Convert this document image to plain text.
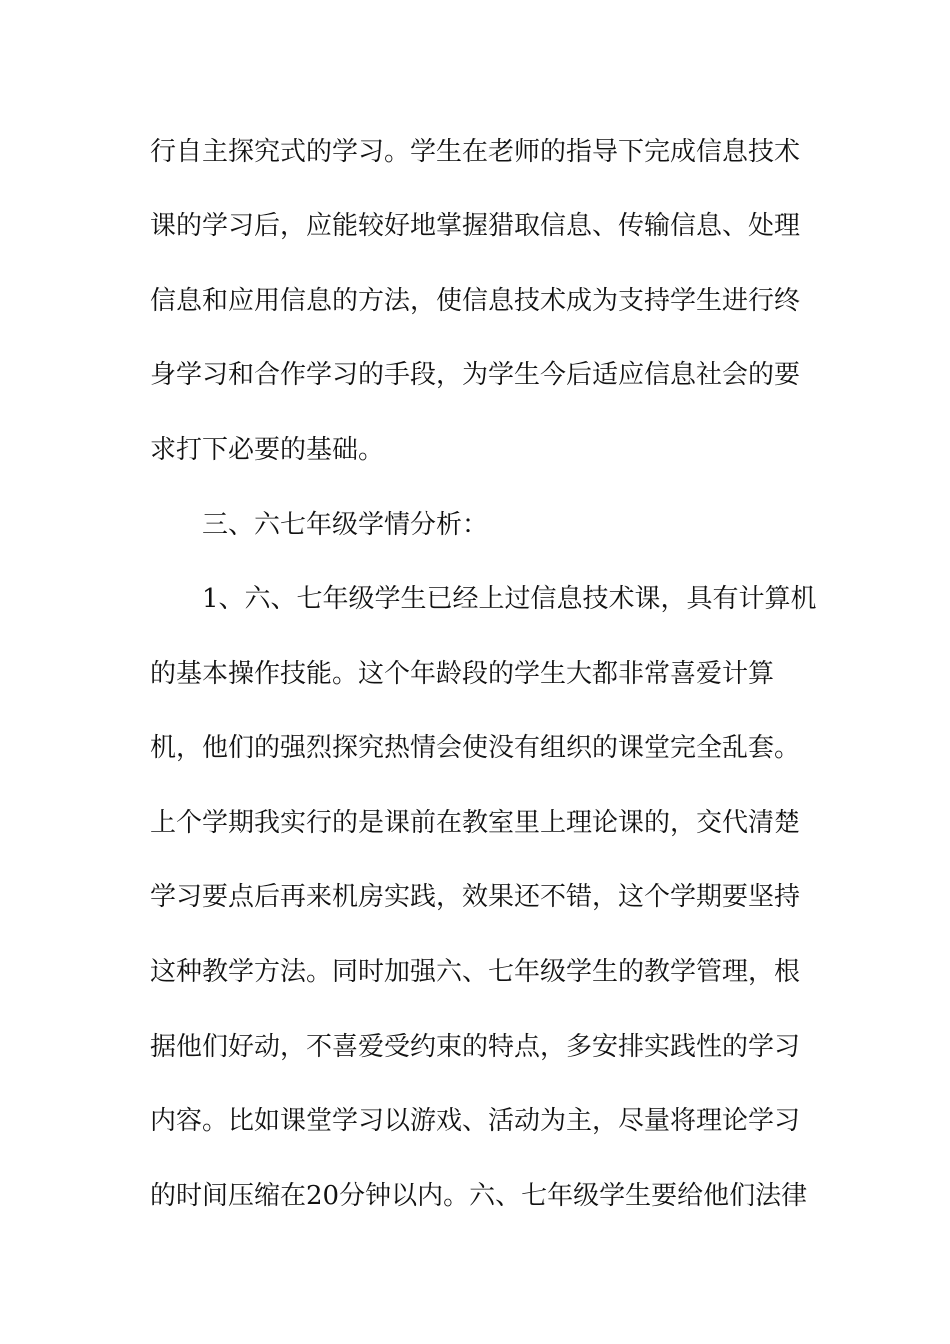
行自主探究式的学习。学生在老师的指导下完成信息技术
课的学习后，应能较好地掌握猎取信息、传输信息、处理
信息和应用信息的方法，使信息技术成为支持学生进行终
身学习和合作学习的手段，为学生今后适应信息社会的要
求打下必要的基础。
三、六七年级学情分析：
1、六、七年级学生已经上过信息技术课，具有计算机
的基本操作技能。这个年龄段的学生大都非常喜爱计算
机，他们的强烈探究热情会使没有组织的课堂完全乱套。
上个学期我实行的是课前在教室里上理论课的，交代清楚
学习要点后再来机房实践，效果还不错，这个学期要坚持
这种教学方法。同时加强六、七年级学生的教学管理，根
据他们好动，不喜爱受约束的特点，多安排实践性的学习
内容。比如课堂学习以游戏、活动为主，尽量将理论学习
的时间压缩在20分钟以内。六、七年级学生要给他们法律
